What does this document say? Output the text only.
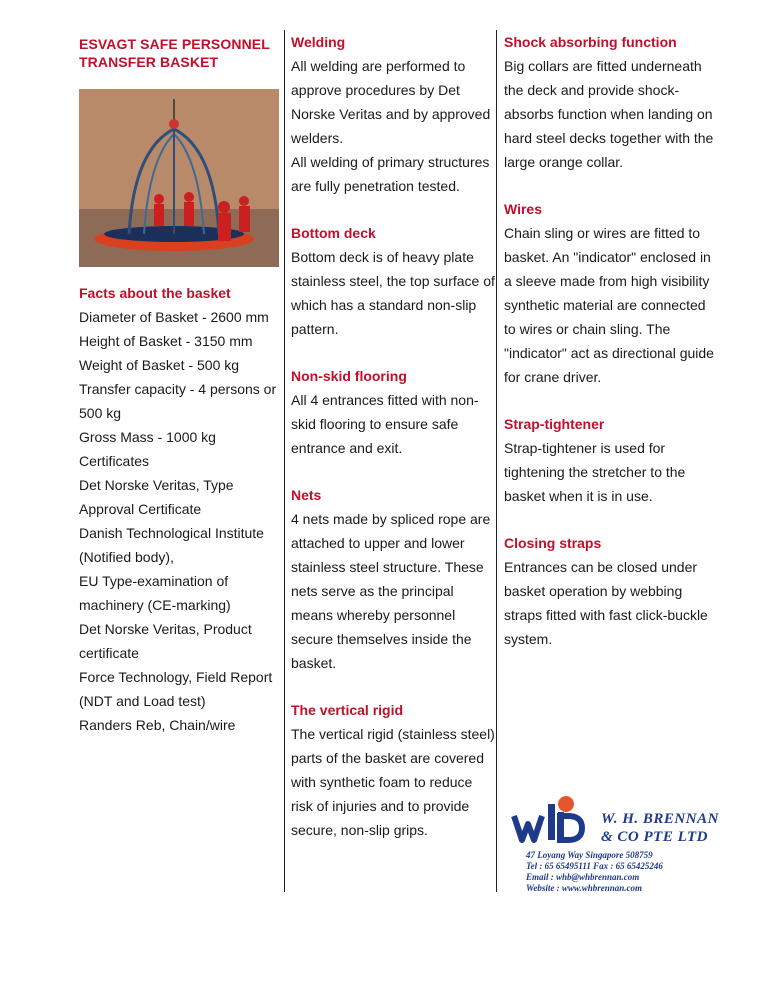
ESVAGT SAFE PERSONNEL TRANSFER BASKET
Facts about the basket

Diameter of Basket - 2600 mm

Height of Basket - 3150 mm

Weight of Basket - 500 kg

Transfer capacity - 4 persons or 500 kg

Gross Mass - 1000 kg

Certificates

Det Norske Veritas, Type Approval Certificate

Danish Technological Institute (Notified body),

EU Type-examination of machinery (CE-marking)

Det Norske Veritas, Product certificate

Force Technology, Field Report (NDT and Load test)

Randers Reb, Chain/wire

Welding

All welding are performed to approve procedures by Det Norske Veritas and by approved welders.

All welding of primary structures are fully penetration tested.

Bottom deck

Bottom deck is of heavy plate stainless steel, the top surface of which has a standard non-slip pattern.

Non-skid flooring

All 4 entrances fitted with non-skid flooring to ensure safe entrance and exit.

Nets

4 nets made by spliced rope are attached to upper and lower stainless steel structure. These nets serve as the principal means whereby personnel secure themselves inside the basket.

The vertical rigid

The vertical rigid (stainless steel) parts of the basket are covered with synthetic foam to reduce risk of injuries and to provide secure, non-slip grips.

Shock absorbing function

Big collars are fitted underneath the deck and provide shock-absorbs function when landing on hard steel decks together with the large orange collar.

Wires

Chain sling or wires are fitted to basket. An "indicator" enclosed in a sleeve made from high visibility synthetic material are connected to wires or chain sling. The "indicator" act as directional guide for crane driver.

Strap-tightener

Strap-tightener is used for tightening the stretcher to the basket when it is in use.

Closing straps

Entrances can be closed under basket operation by webbing straps fitted with fast click-buckle system.

W. H. BRENNAN
& CO PTE LTD
47 Loyang Way Singapore 508759
Tel : 65 65495111 Fax : 65 65425246
Email : whb@whbrennan.com
Website : www.whbrennan.com
